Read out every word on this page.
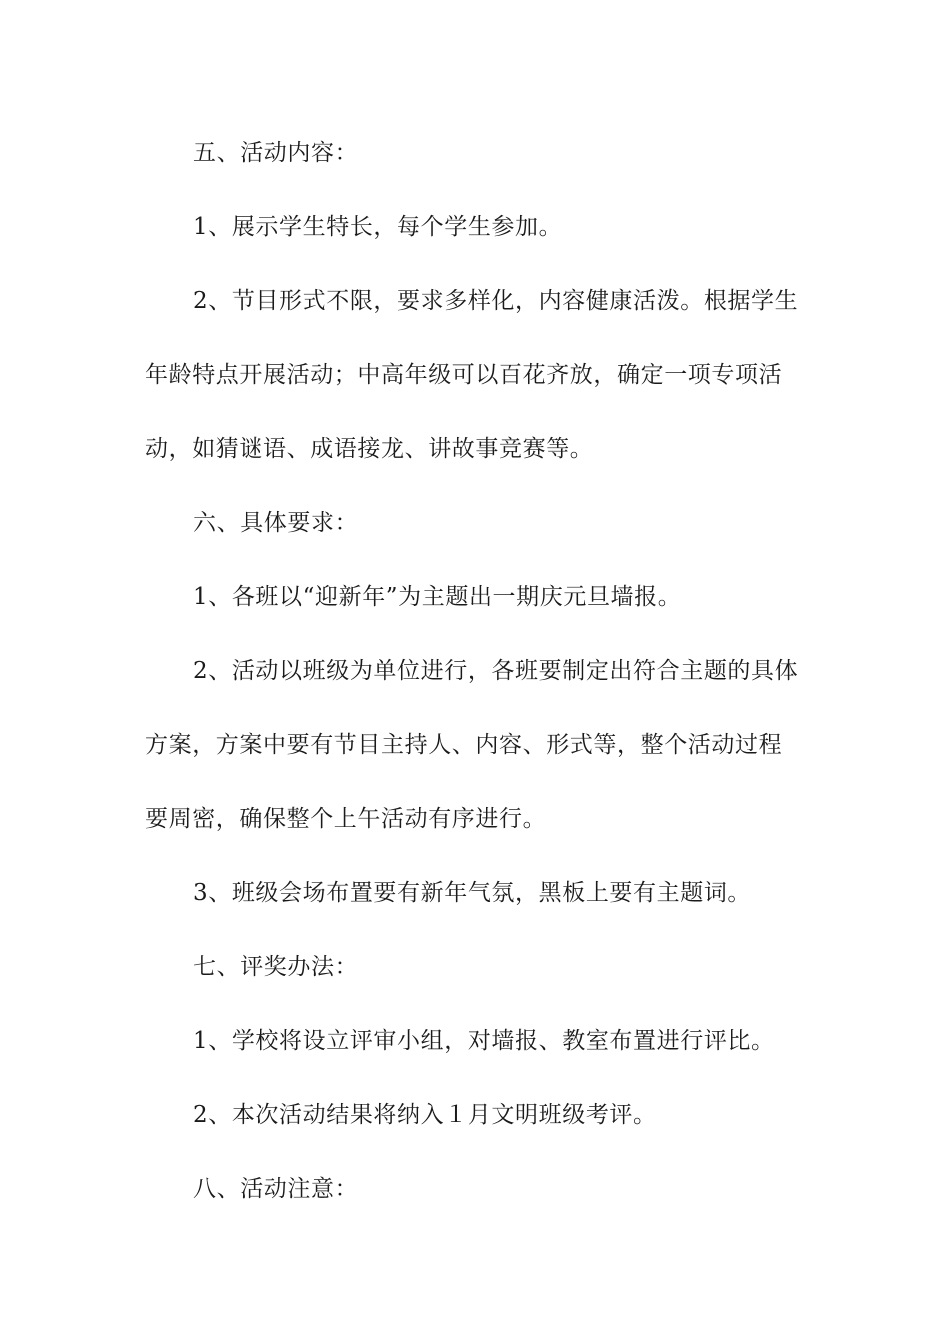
五、活动内容：
1、展示学生特长，每个学生参加。
2、节目形式不限，要求多样化，内容健康活泼。根据学生
年龄特点开展活动；中高年级可以百花齐放，确定一项专项活
动，如猜谜语、成语接龙、讲故事竞赛等。
六、具体要求：
1、各班以“迎新年”为主题出一期庆元旦墙报。
2、活动以班级为单位进行，各班要制定出符合主题的具体
方案，方案中要有节目主持人、内容、形式等，整个活动过程
要周密，确保整个上午活动有序进行。
3、班级会场布置要有新年气氛，黑板上要有主题词。
七、评奖办法：
1、学校将设立评审小组，对墙报、教室布置进行评比。
2、本次活动结果将纳入１月文明班级考评。
八、活动注意：
